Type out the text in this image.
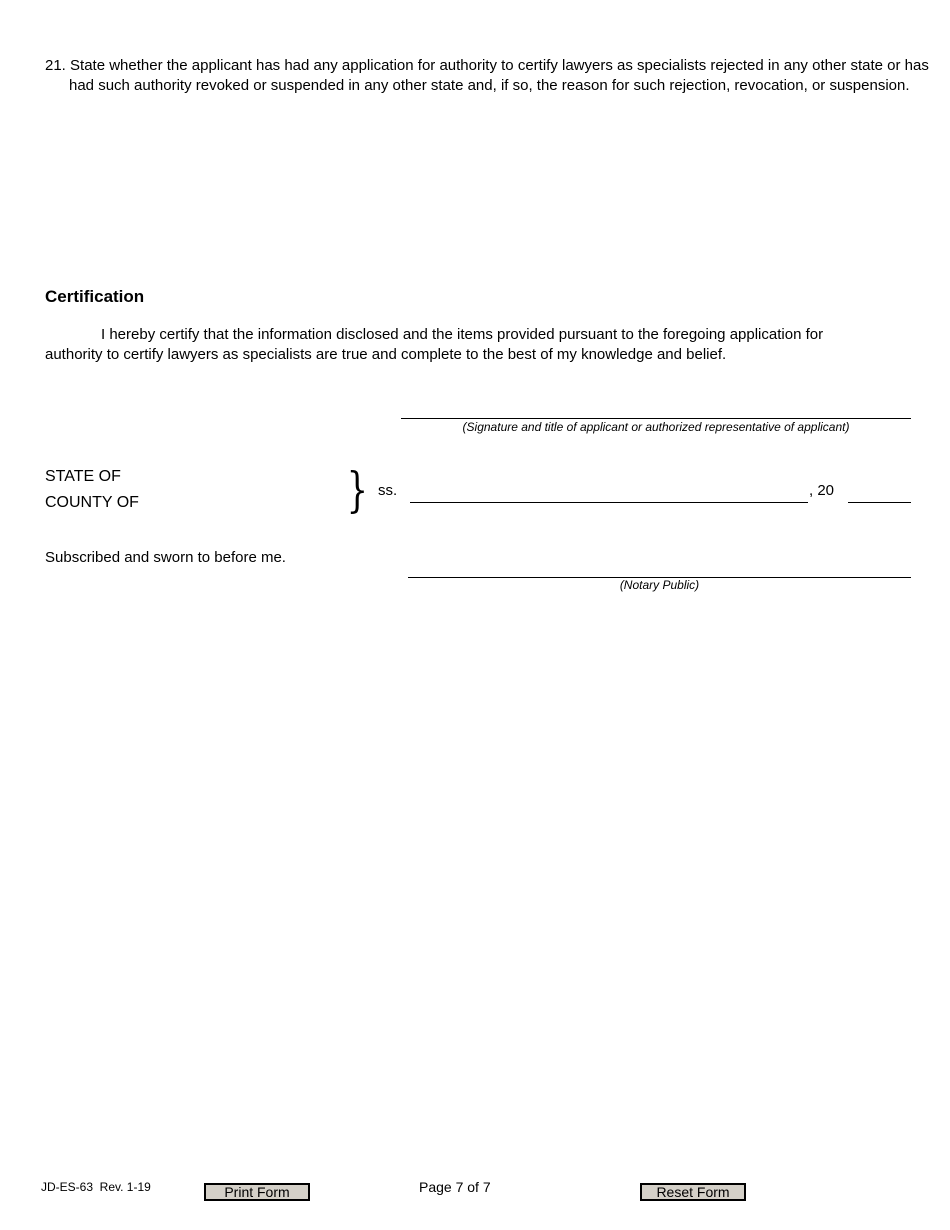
21. State whether the applicant has had any application for authority to certify lawyers as specialists rejected in any other state or has had such authority revoked or suspended in any other state and, if so, the reason for such rejection, revocation, or suspension.
Certification
I hereby certify that the information disclosed and the items provided pursuant to the foregoing application for authority to certify lawyers as specialists are true and complete to the best of my knowledge and belief.
(Signature and title of applicant or authorized representative of applicant)
STATE OF
COUNTY OF	} ss.	, 20
Subscribed and sworn to before me.
(Notary Public)
JD-ES-63  Rev. 1-19	Print Form	Page 7 of 7	Reset Form
